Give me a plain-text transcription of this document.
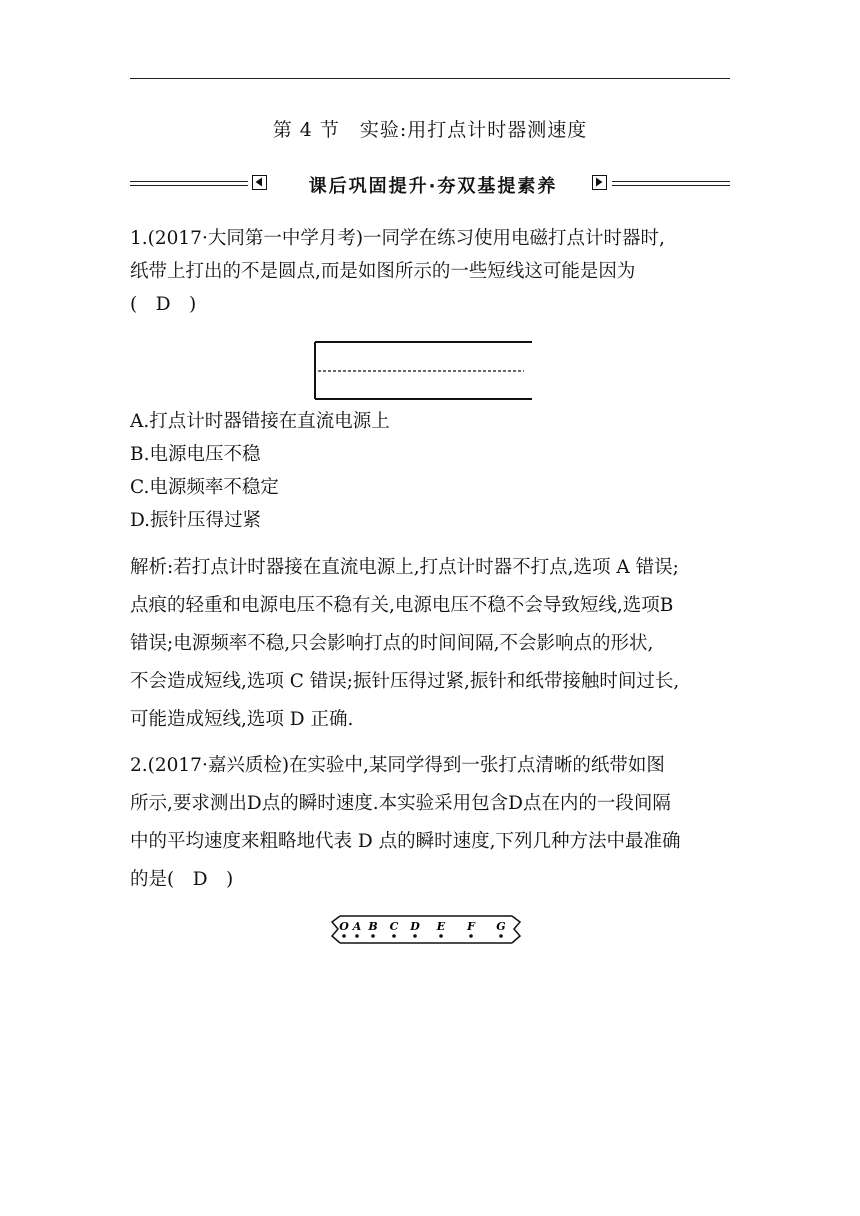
第 4 节　实验:用打点计时器测速度
课后巩固提升·夯双基提素养

1.(2017·大同第一中学月考)一同学在练习使用电磁打点计时器时,

纸带上打出的不是圆点,而是如图所示的一些短线这可能是因为

(　D　)

A.打点计时器错接在直流电源上

B.电源电压不稳

C.电源频率不稳定

D.振针压得过紧

解析:若打点计时器接在直流电源上,打点计时器不打点,选项 A 错误;

点痕的轻重和电源电压不稳有关,电源电压不稳不会导致短线,选项B

错误;电源频率不稳,只会影响打点的时间间隔,不会影响点的形状,

不会造成短线,选项 C 错误;振针压得过紧,振针和纸带接触时间过长,

可能造成短线,选项 D 正确.

2.(2017·嘉兴质检)在实验中,某同学得到一张打点清晰的纸带如图

所示,要求测出D点的瞬时速度.本实验采用包含D点在内的一段间隔

中的平均速度来粗略地代表 D 点的瞬时速度,下列几种方法中最准确

的是(　D　)

O A B C D E F G
